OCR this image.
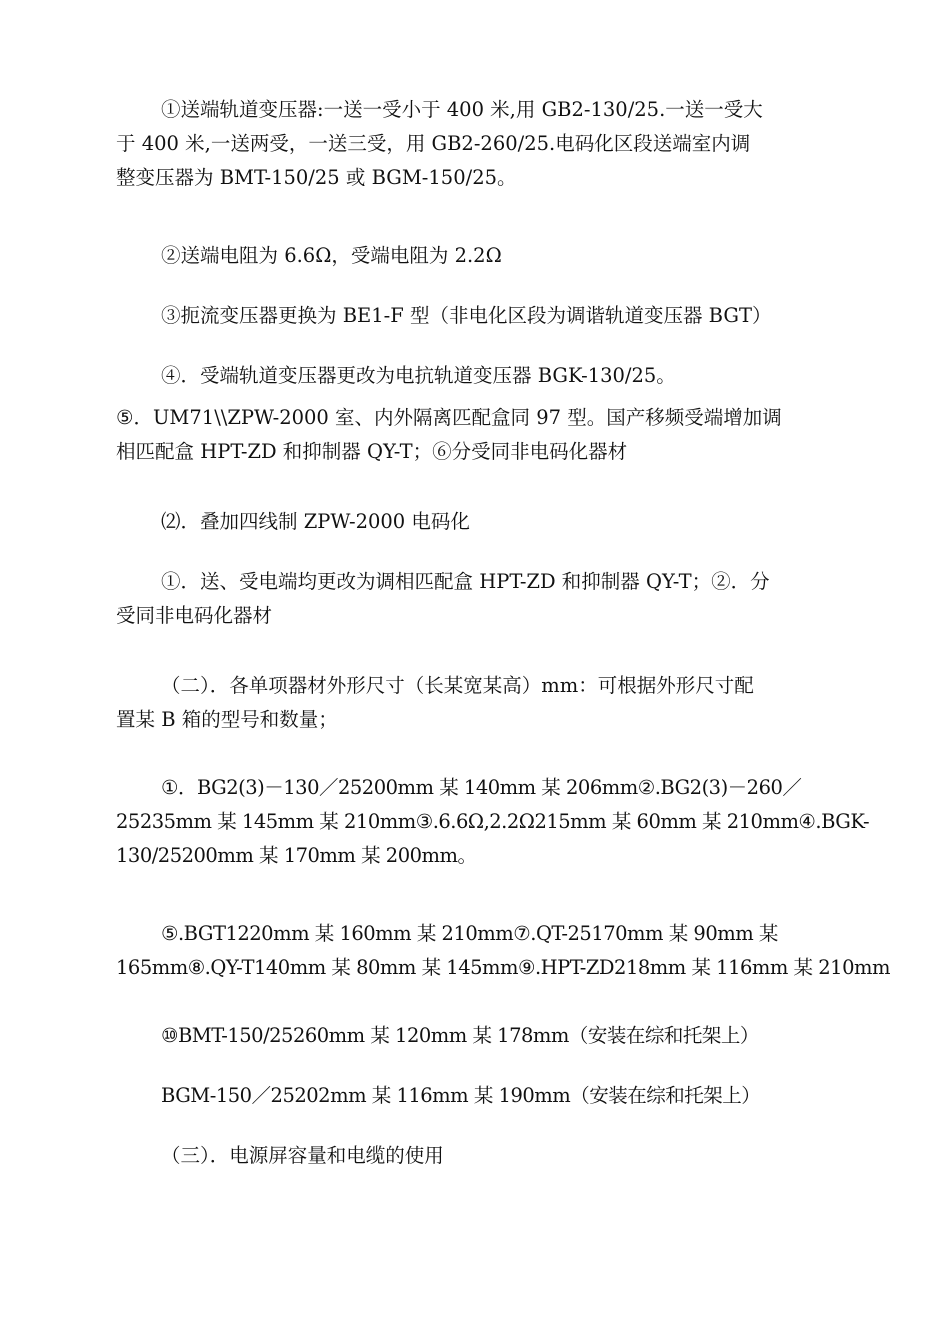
①送端轨道变压器:一送一受小于 400 米,用 GB2-130/25.一送一受大
于 400 米,一送两受，一送三受，用 GB2-260/25.电码化区段送端室内调
整变压器为 BMT-150/25 或 BGM-150/25。

②送端电阻为 6.6Ω，受端电阻为 2.2Ω

③扼流变压器更换为 BE1-F 型（非电化区段为调谐轨道变压器 BGT）

④．受端轨道变压器更改为电抗轨道变压器 BGK-130/25。

⑤．UM71\\ZPW-2000 室、内外隔离匹配盒同 97 型。国产移频受端增加调
相匹配盒 HPT-ZD 和抑制器 QY-T；⑥分受同非电码化器材

⑵．叠加四线制 ZPW-2000 电码化

①．送、受电端均更改为调相匹配盒 HPT-ZD 和抑制器 QY-T；②．分
受同非电码化器材

（二）．各单项器材外形尺寸（长某宽某高）mm：可根据外形尺寸配
置某 B 箱的型号和数量；

①．BG2(3)－130／25200mm 某 140mm 某 206mm②.BG2(3)－260／
25235mm 某 145mm 某 210mm③.6.6Ω,2.2Ω215mm 某 60mm 某 210mm④.BGK-
130/25200mm 某 170mm 某 200mm。

⑤.BGT1220mm 某 160mm 某 210mm⑦.QT-25170mm 某 90mm 某
165mm⑧.QY-T140mm 某 80mm 某 145mm⑨.HPT-ZD218mm 某 116mm 某 210mm

⑩BMT-150/25260mm 某 120mm 某 178mm（安装在综和托架上）

BGM-150／25202mm 某 116mm 某 190mm（安装在综和托架上）

（三）．电源屏容量和电缆的使用
